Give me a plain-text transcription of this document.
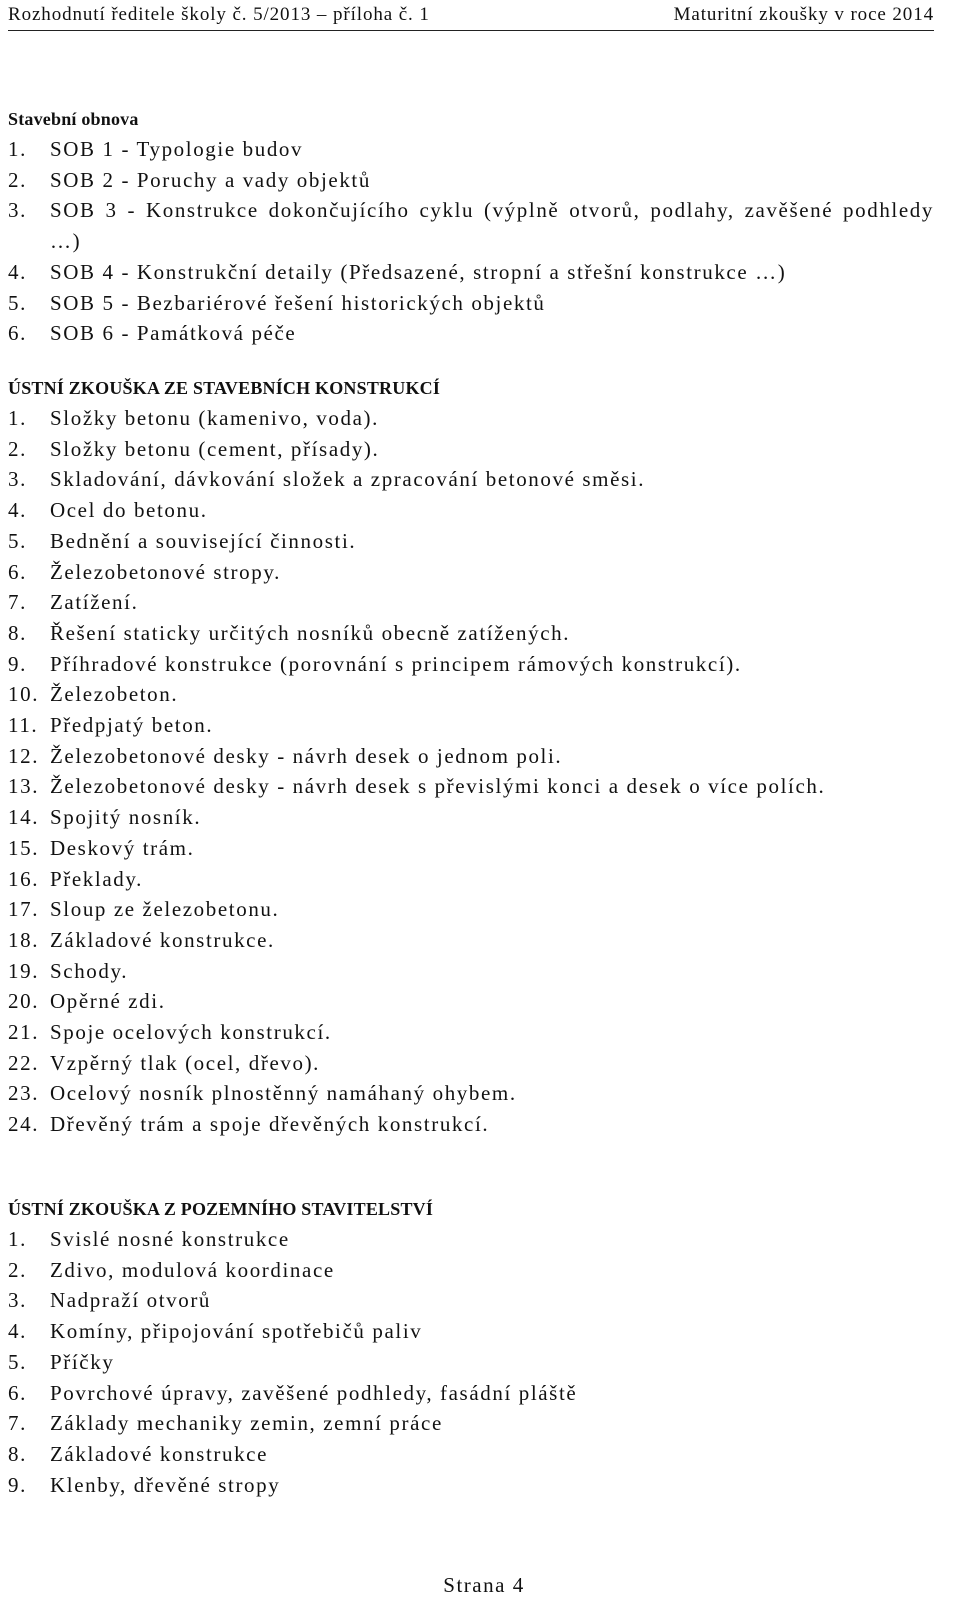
Rozhodnutí ředitele školy č. 5/2013 – příloha č. 1	Maturitní zkoušky v roce 2014
Stavební obnova
1. SOB 1 - Typologie budov
2. SOB 2 - Poruchy a vady objektů
3. SOB 3 - Konstrukce dokončujícího cyklu (výplně otvorů, podlahy, zavěšené podhledy …)
4. SOB 4 - Konstrukční detaily (Předsazené, stropní a střešní konstrukce …)
5. SOB 5 - Bezbariérové řešení historických objektů
6. SOB 6 - Památková péče
ÚSTNÍ ZKOUŠKA ZE STAVEBNÍCH KONSTRUKCÍ
1. Složky betonu (kamenivo, voda).
2. Složky betonu (cement, přísady).
3. Skladování, dávkování složek a zpracování betonové směsi.
4. Ocel do betonu.
5. Bednění a související činnosti.
6. Železobetonové stropy.
7. Zatížení.
8. Řešení staticky určitých nosníků obecně zatížených.
9. Příhradové konstrukce (porovnání s principem rámových konstrukcí).
10. Železobeton.
11. Předpjatý beton.
12. Železobetonové desky - návrh desek o jednom poli.
13. Železobetonové desky - návrh desek s převislými konci a desek o více polích.
14. Spojitý nosník.
15. Deskový trám.
16. Překlady.
17. Sloup ze železobetonu.
18. Základové konstrukce.
19. Schody.
20. Opěrné zdi.
21. Spoje ocelových konstrukcí.
22. Vzpěrný tlak (ocel, dřevo).
23. Ocelový nosník plnostěnný namáhaný ohybem.
24. Dřevěný trám a spoje dřevěných konstrukcí.
ÚSTNÍ ZKOUŠKA Z POZEMNÍHO STAVITELSTVÍ
1. Svislé nosné konstrukce
2. Zdivo, modulová koordinace
3. Nadpraží otvorů
4. Komíny, připojování spotřebičů paliv
5. Příčky
6. Povrchové úpravy, zavěšené podhledy, fasádní pláště
7. Základy mechaniky zemin, zemní práce
8. Základové konstrukce
9. Klenby, dřevěné stropy
Strana 4
